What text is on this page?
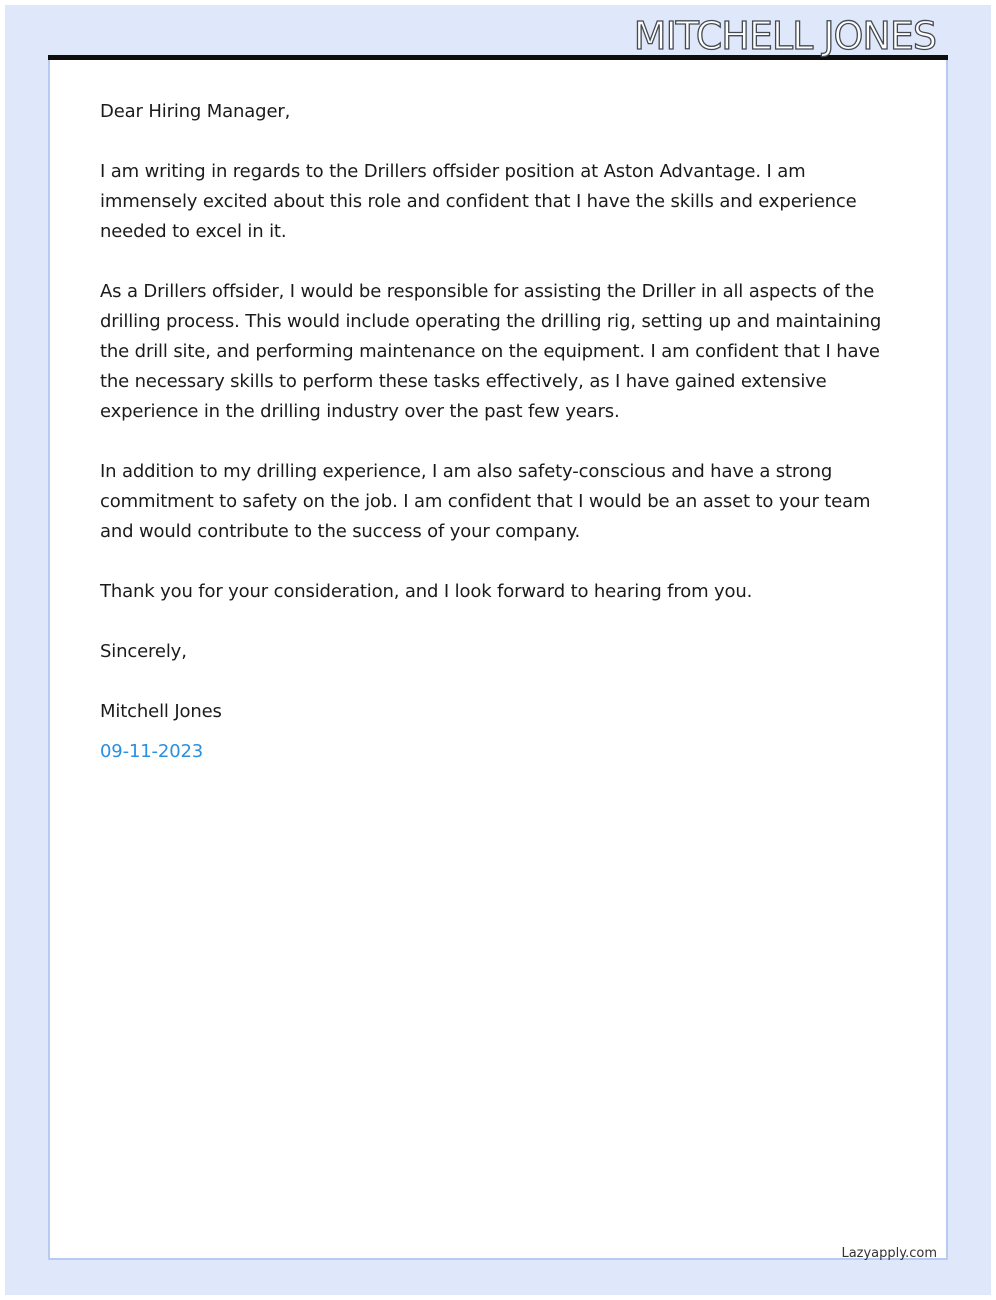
MITCHELL JONES

Dear Hiring Manager,

I am writing in regards to the Drillers offsider position at Aston Advantage. I am immensely excited about this role and confident that I have the skills and experience needed to excel in it.

As a Drillers offsider, I would be responsible for assisting the Driller in all aspects of the drilling process. This would include operating the drilling rig, setting up and maintaining the drill site, and performing maintenance on the equipment. I am confident that I have the necessary skills to perform these tasks effectively, as I have gained extensive experience in the drilling industry over the past few years.

In addition to my drilling experience, I am also safety-conscious and have a strong commitment to safety on the job. I am confident that I would be an asset to your team and would contribute to the success of your company.

Thank you for your consideration, and I look forward to hearing from you.

Sincerely,

Mitchell Jones

09-11-2023

Lazyapply.com
